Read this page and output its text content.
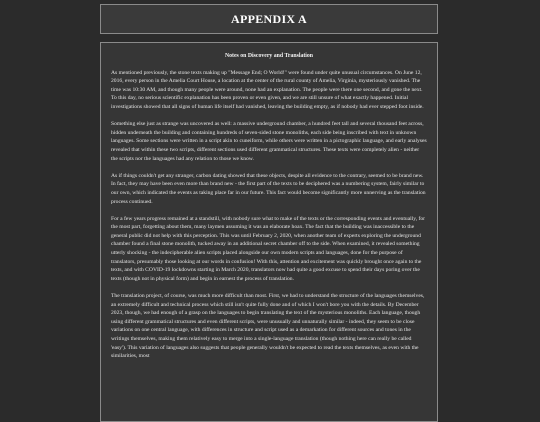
APPENDIX A
Notes on Discovery and Translation

As mentioned previously, the stone texts making up "Message End; O World!" were found under quite unusual circumstances. On June 12, 2016, every person in the Amelia Court House, a location at the center of the rural county of Amelia, Virginia, mysteriously vanished. The time was 10:30 AM, and though many people were around, none had an explanation. The people were there one second, and gone the next. To this day, no serious scientific explanation has been proven or even given, and we are still unsure of what exactly happened. Initial investigations showed that all signs of human life itself had vanished, leaving the building empty, as if nobody had ever stepped foot inside.

Something else just as strange was uncovered as well: a massive underground chamber, a hundred feet tall and several thousand feet across, hidden underneath the building and containing hundreds of seven-sided stone monoliths, each side being inscribed with text in unknown languages. Some sections were written in a script akin to cuneiform, while others were written in a pictographic language, and early analyses revealed that within these two scripts, different sections used different grammatical structures. These texts were completely alien - neither the scripts nor the languages had any relation to those we know.

As if things couldn't get any stranger, carbon dating showed that these objects, despite all evidence to the contrary, seemed to be brand new. In fact, they may have been even more than brand new - the first part of the texts to be deciphered was a numbering system, fairly similar to our own, which indicated the events as taking place far in our future. This fact would become significantly more unnerving as the translation process continued.

For a few years progress remained at a standstill, with nobody sure what to make of the texts or the corresponding events and eventually, for the most part, forgetting about them, many laymen assuming it was an elaborate hoax. The fact that the building was inaccessible to the general public did not help with this perception. This was until February 2, 2020, when another team of experts exploring the underground chamber found a final stone monolith, tucked away in an additional secret chamber off to the side. When examined, it revealed something utterly shocking - the indecipherable alien scripts placed alongside our own modern scripts and languages, done for the purpose of translators, presumably those looking at our words in confusion! With this, attention and excitement was quickly brought once again to the texts, and with COVID-19 lockdowns starting in March 2020, translators now had quite a good excuse to spend their days poring over the texts (though not in physical form) and begin in earnest the process of translation.

The translation project, of course, was much more difficult than most. First, we had to understand the structure of the languages themselves, an extremely difficult and technical process which still isn't quite fully done and of which I won't bore you with the details. By December 2023, though, we had enough of a grasp on the languages to begin translating the text of the mysterious monoliths. Each language, though using different grammatical structures and even different scripts, were unusually and unnaturally similar - indeed, they seem to be close variations on one central language, with differences in structure and script used as a demarkation for different sources and tones in the writings themselves, making them relatively easy to merge into a single-language translation (though nothing here can really be called 'easy'). This variation of languages also suggests that people generally wouldn't be expected to read the texts themselves, as even with the similarities, most
